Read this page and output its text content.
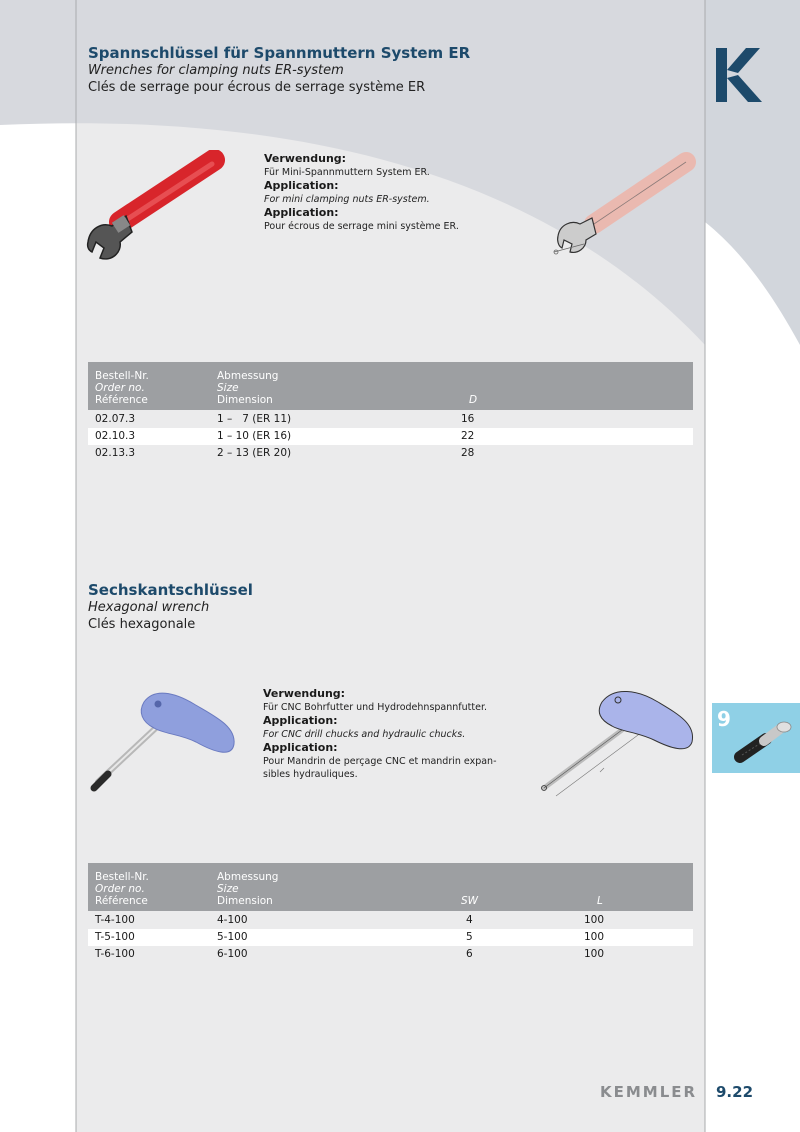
Spannschlüssel für Spannmuttern System ER
Wrenches for clamping nuts ER-system
Clés de serrage pour écrous de serrage système ER
Verwendung:
Für Mini-Spannmuttern System ER.
Application:
For mini clamping nuts ER-system.
Application:
Pour écrous de serrage mini système ER.
Bestell-Nr.
Order no.
Référence
Abmessung
Size
Dimension	D
02.07.3	1 –   7 (ER 11)	16
02.10.3	1 – 10 (ER 16)	22
02.13.3	2 – 13 (ER 20)	28
Sechskantschlüssel
Hexagonal wrench
Clés hexagonale
Verwendung:
Für CNC Bohrfutter und Hydrodehnspannfutter.
Application:
For CNC drill chucks and hydraulic chucks.
Application:
Pour Mandrin de perçage CNC et mandrin expan-
sibles hydrauliques.
Bestell-Nr.
Order no.
Référence
Abmessung
Size
Dimension	SW	L
T-4-100	4-100	4	100
T-5-100	5-100	5	100
T-6-100	6-100	6	100
9
KEMMLER 9.22
